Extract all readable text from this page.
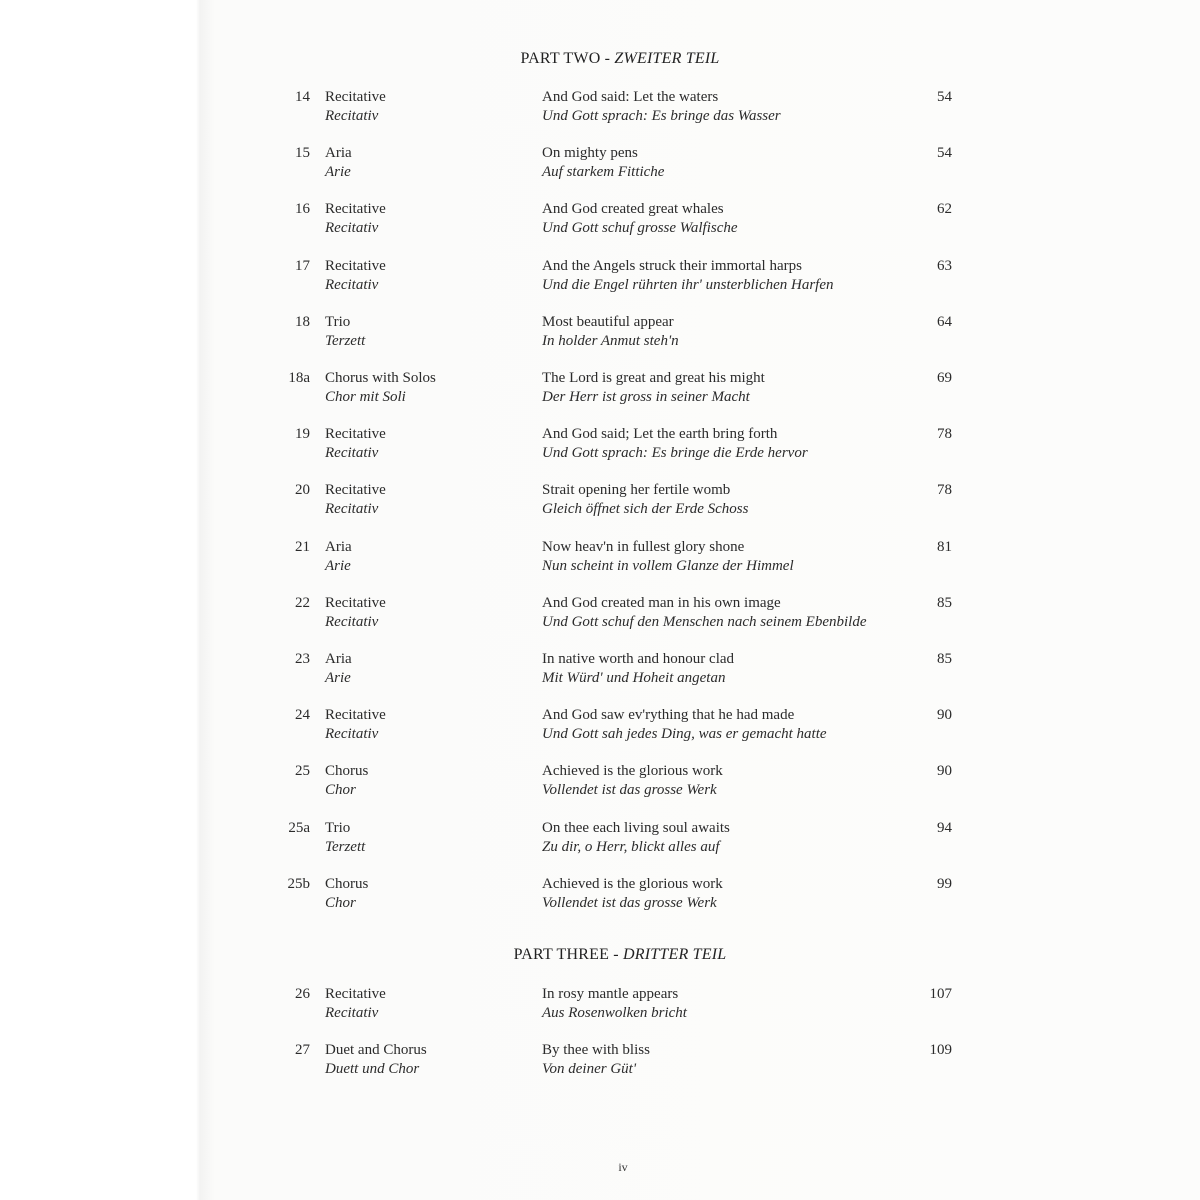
PART TWO - ZWEITER TEIL
14 Recitative
Recitativ
And God said: Let the waters
Und Gott sprach: Es bringe das Wasser
54
15 Aria
Arie
On mighty pens
Auf starkem Fittiche
54
16 Recitative
Recitativ
And God created great whales
Und Gott schuf grosse Walfische
62
17 Recitative
Recitativ
And the Angels struck their immortal harps
Und die Engel rührten ihr' unsterblichen Harfen
63
18 Trio
Terzett
Most beautiful appear
In holder Anmut steh'n
64
18a Chorus with Solos
Chor mit Soli
The Lord is great and great his might
Der Herr ist gross in seiner Macht
69
19 Recitative
Recitativ
And God said; Let the earth bring forth
Und Gott sprach: Es bringe die Erde hervor
78
20 Recitative
Recitativ
Strait opening her fertile womb
Gleich öffnet sich der Erde Schoss
78
21 Aria
Arie
Now heav'n in fullest glory shone
Nun scheint in vollem Glanze der Himmel
81
22 Recitative
Recitativ
And God created man in his own image
Und Gott schuf den Menschen nach seinem Ebenbilde
85
23 Aria
Arie
In native worth and honour clad
Mit Würd' und Hoheit angetan
85
24 Recitative
Recitativ
And God saw ev'rything that he had made
Und Gott sah jedes Ding, was er gemacht hatte
90
25 Chorus
Chor
Achieved is the glorious work
Vollendet ist das grosse Werk
90
25a Trio
Terzett
On thee each living soul awaits
Zu dir, o Herr, blickt alles auf
94
25b Chorus
Chor
Achieved is the glorious work
Vollendet ist das grosse Werk
99
PART THREE - DRITTER TEIL
26 Recitative
Recitativ
In rosy mantle appears
Aus Rosenwolken bricht
107
27 Duet and Chorus
Duett und Chor
By thee with bliss
Von deiner Güt'
109
iv
